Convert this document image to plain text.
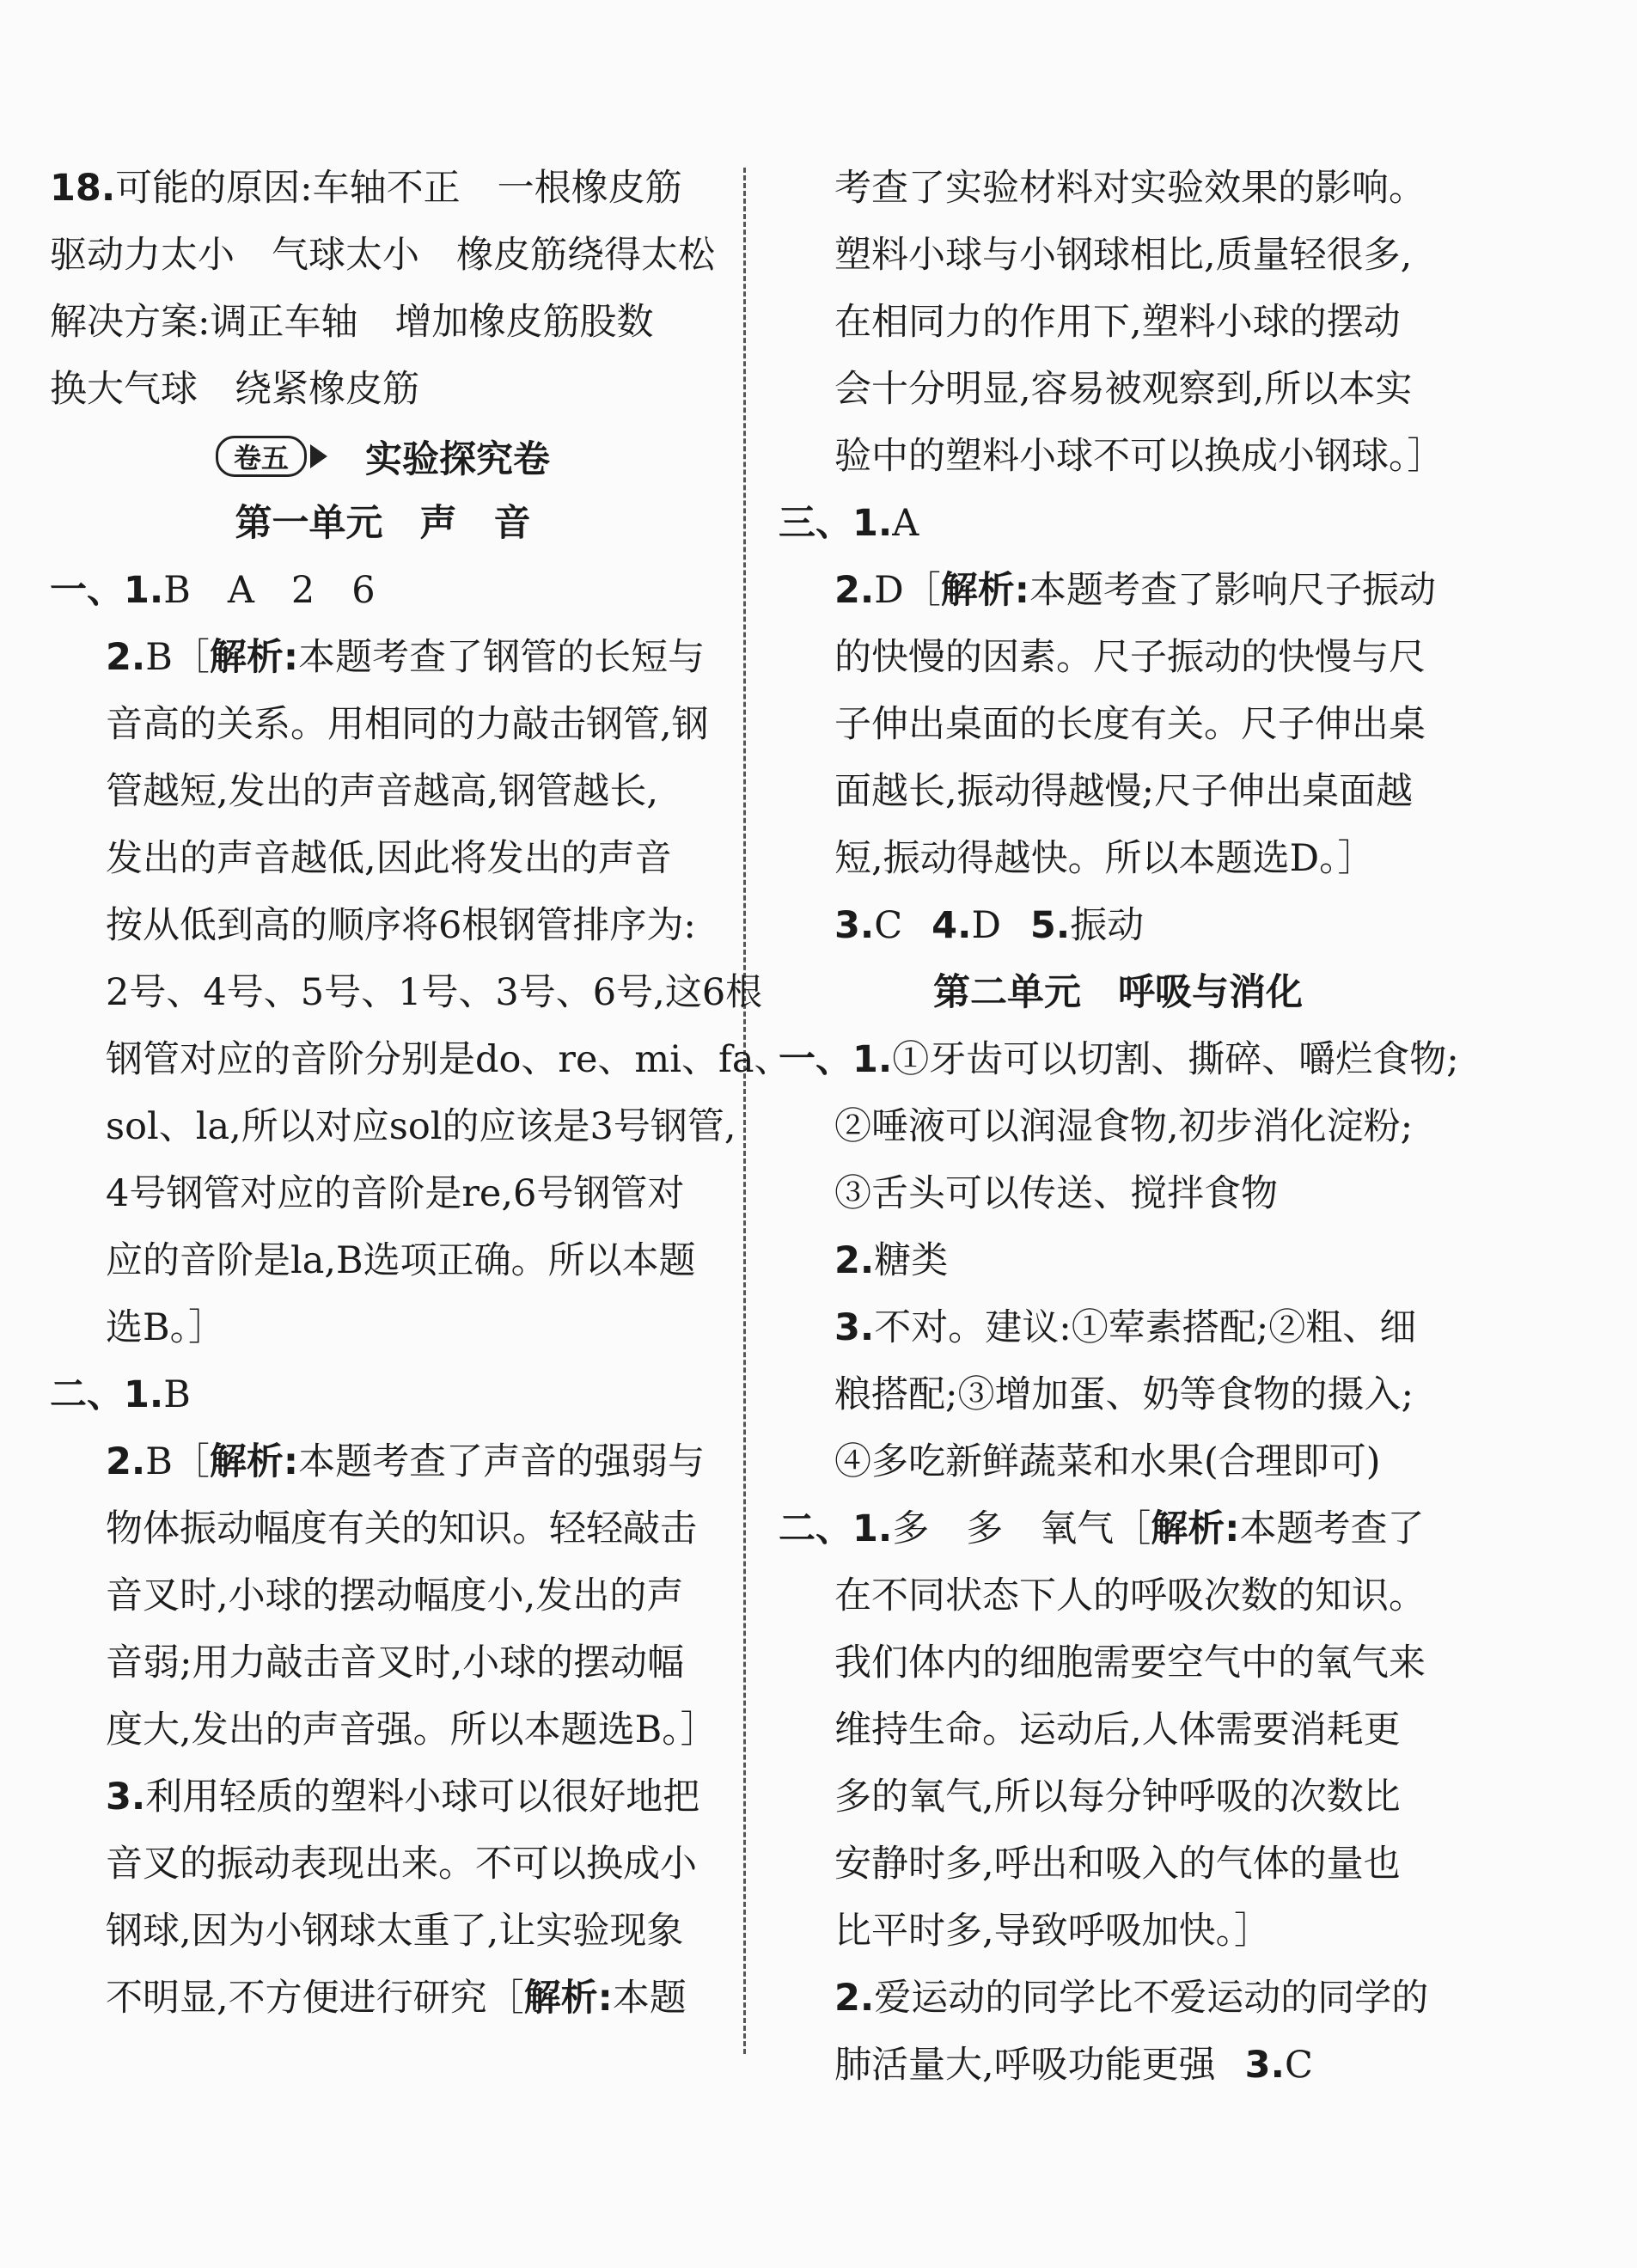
18.可能的原因:车轴不正　一根橡皮筋
驱动力太小　气球太小　橡皮筋绕得太松
解决方案:调正车轴　增加橡皮筋股数
换大气球　绕紧橡皮筋
卷五 实验探究卷
第一单元　声　音
一、1.B　A　2　6
2.B［解析:本题考查了钢管的长短与
音高的关系。用相同的力敲击钢管,钢
管越短,发出的声音越高,钢管越长,
发出的声音越低,因此将发出的声音
按从低到高的顺序将6根钢管排序为:
2号、4号、5号、1号、3号、6号,这6根
钢管对应的音阶分别是do、re、mi、fa、
sol、la,所以对应sol的应该是3号钢管,
4号钢管对应的音阶是re,6号钢管对
应的音阶是la,B选项正确。所以本题
选B。］
二、1.B
2.B［解析:本题考查了声音的强弱与
物体振动幅度有关的知识。轻轻敲击
音叉时,小球的摆动幅度小,发出的声
音弱;用力敲击音叉时,小球的摆动幅
度大,发出的声音强。所以本题选B。］
3.利用轻质的塑料小球可以很好地把
音叉的振动表现出来。不可以换成小
钢球,因为小钢球太重了,让实验现象
不明显,不方便进行研究［解析:本题
考查了实验材料对实验效果的影响。
塑料小球与小钢球相比,质量轻很多,
在相同力的作用下,塑料小球的摆动
会十分明显,容易被观察到,所以本实
验中的塑料小球不可以换成小钢球。］
三、1.A
2.D［解析:本题考查了影响尺子振动
的快慢的因素。尺子振动的快慢与尺
子伸出桌面的长度有关。尺子伸出桌
面越长,振动得越慢;尺子伸出桌面越
短,振动得越快。所以本题选D。］
3.C 4.D 5.振动
第二单元　呼吸与消化
一、1.①牙齿可以切割、撕碎、嚼烂食物;
②唾液可以润湿食物,初步消化淀粉;
③舌头可以传送、搅拌食物
2.糖类
3.不对。建议:①荤素搭配;②粗、细
粮搭配;③增加蛋、奶等食物的摄入;
④多吃新鲜蔬菜和水果(合理即可)
二、1.多　多　氧气［解析:本题考查了
在不同状态下人的呼吸次数的知识。
我们体内的细胞需要空气中的氧气来
维持生命。运动后,人体需要消耗更
多的氧气,所以每分钟呼吸的次数比
安静时多,呼出和吸入的气体的量也
比平时多,导致呼吸加快。］
2.爱运动的同学比不爱运动的同学的
肺活量大,呼吸功能更强 3.C
